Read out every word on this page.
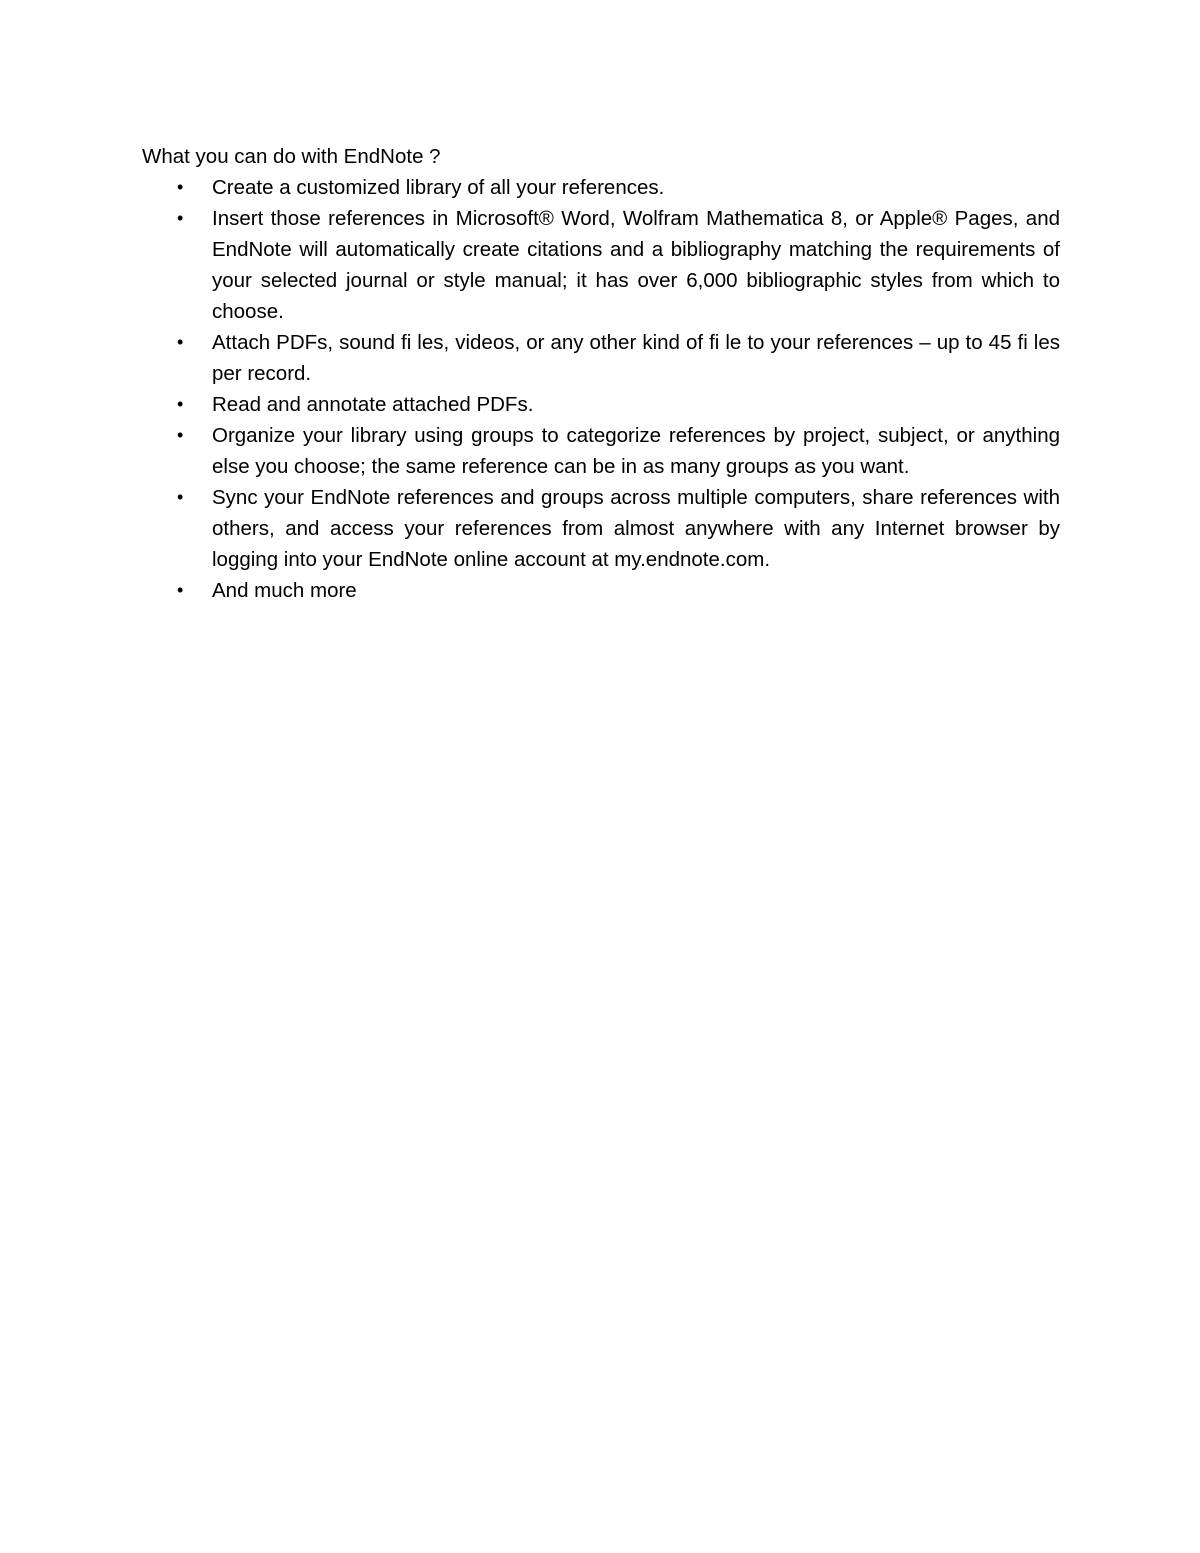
What you can do with EndNote ?

•	Create a customized library of all your references.
•	Insert those references in Microsoft® Word, Wolfram Mathematica 8, or Apple® Pages, and EndNote will automatically create citations and a bibliography matching the requirements of your selected journal or style manual; it has over 6,000 bibliographic styles from which to choose.
•	Attach PDFs, sound fi les, videos, or any other kind of fi le to your references – up to 45 fi les per record.
•	Read and annotate attached PDFs.
•	Organize your library using groups to categorize references by project, subject, or anything else you choose; the same reference can be in as many groups as you want.
•	Sync your EndNote references and groups across multiple computers, share references with others, and access your references from almost anywhere with any Internet browser by logging into your EndNote online account at my.endnote.com.
•	And much more
